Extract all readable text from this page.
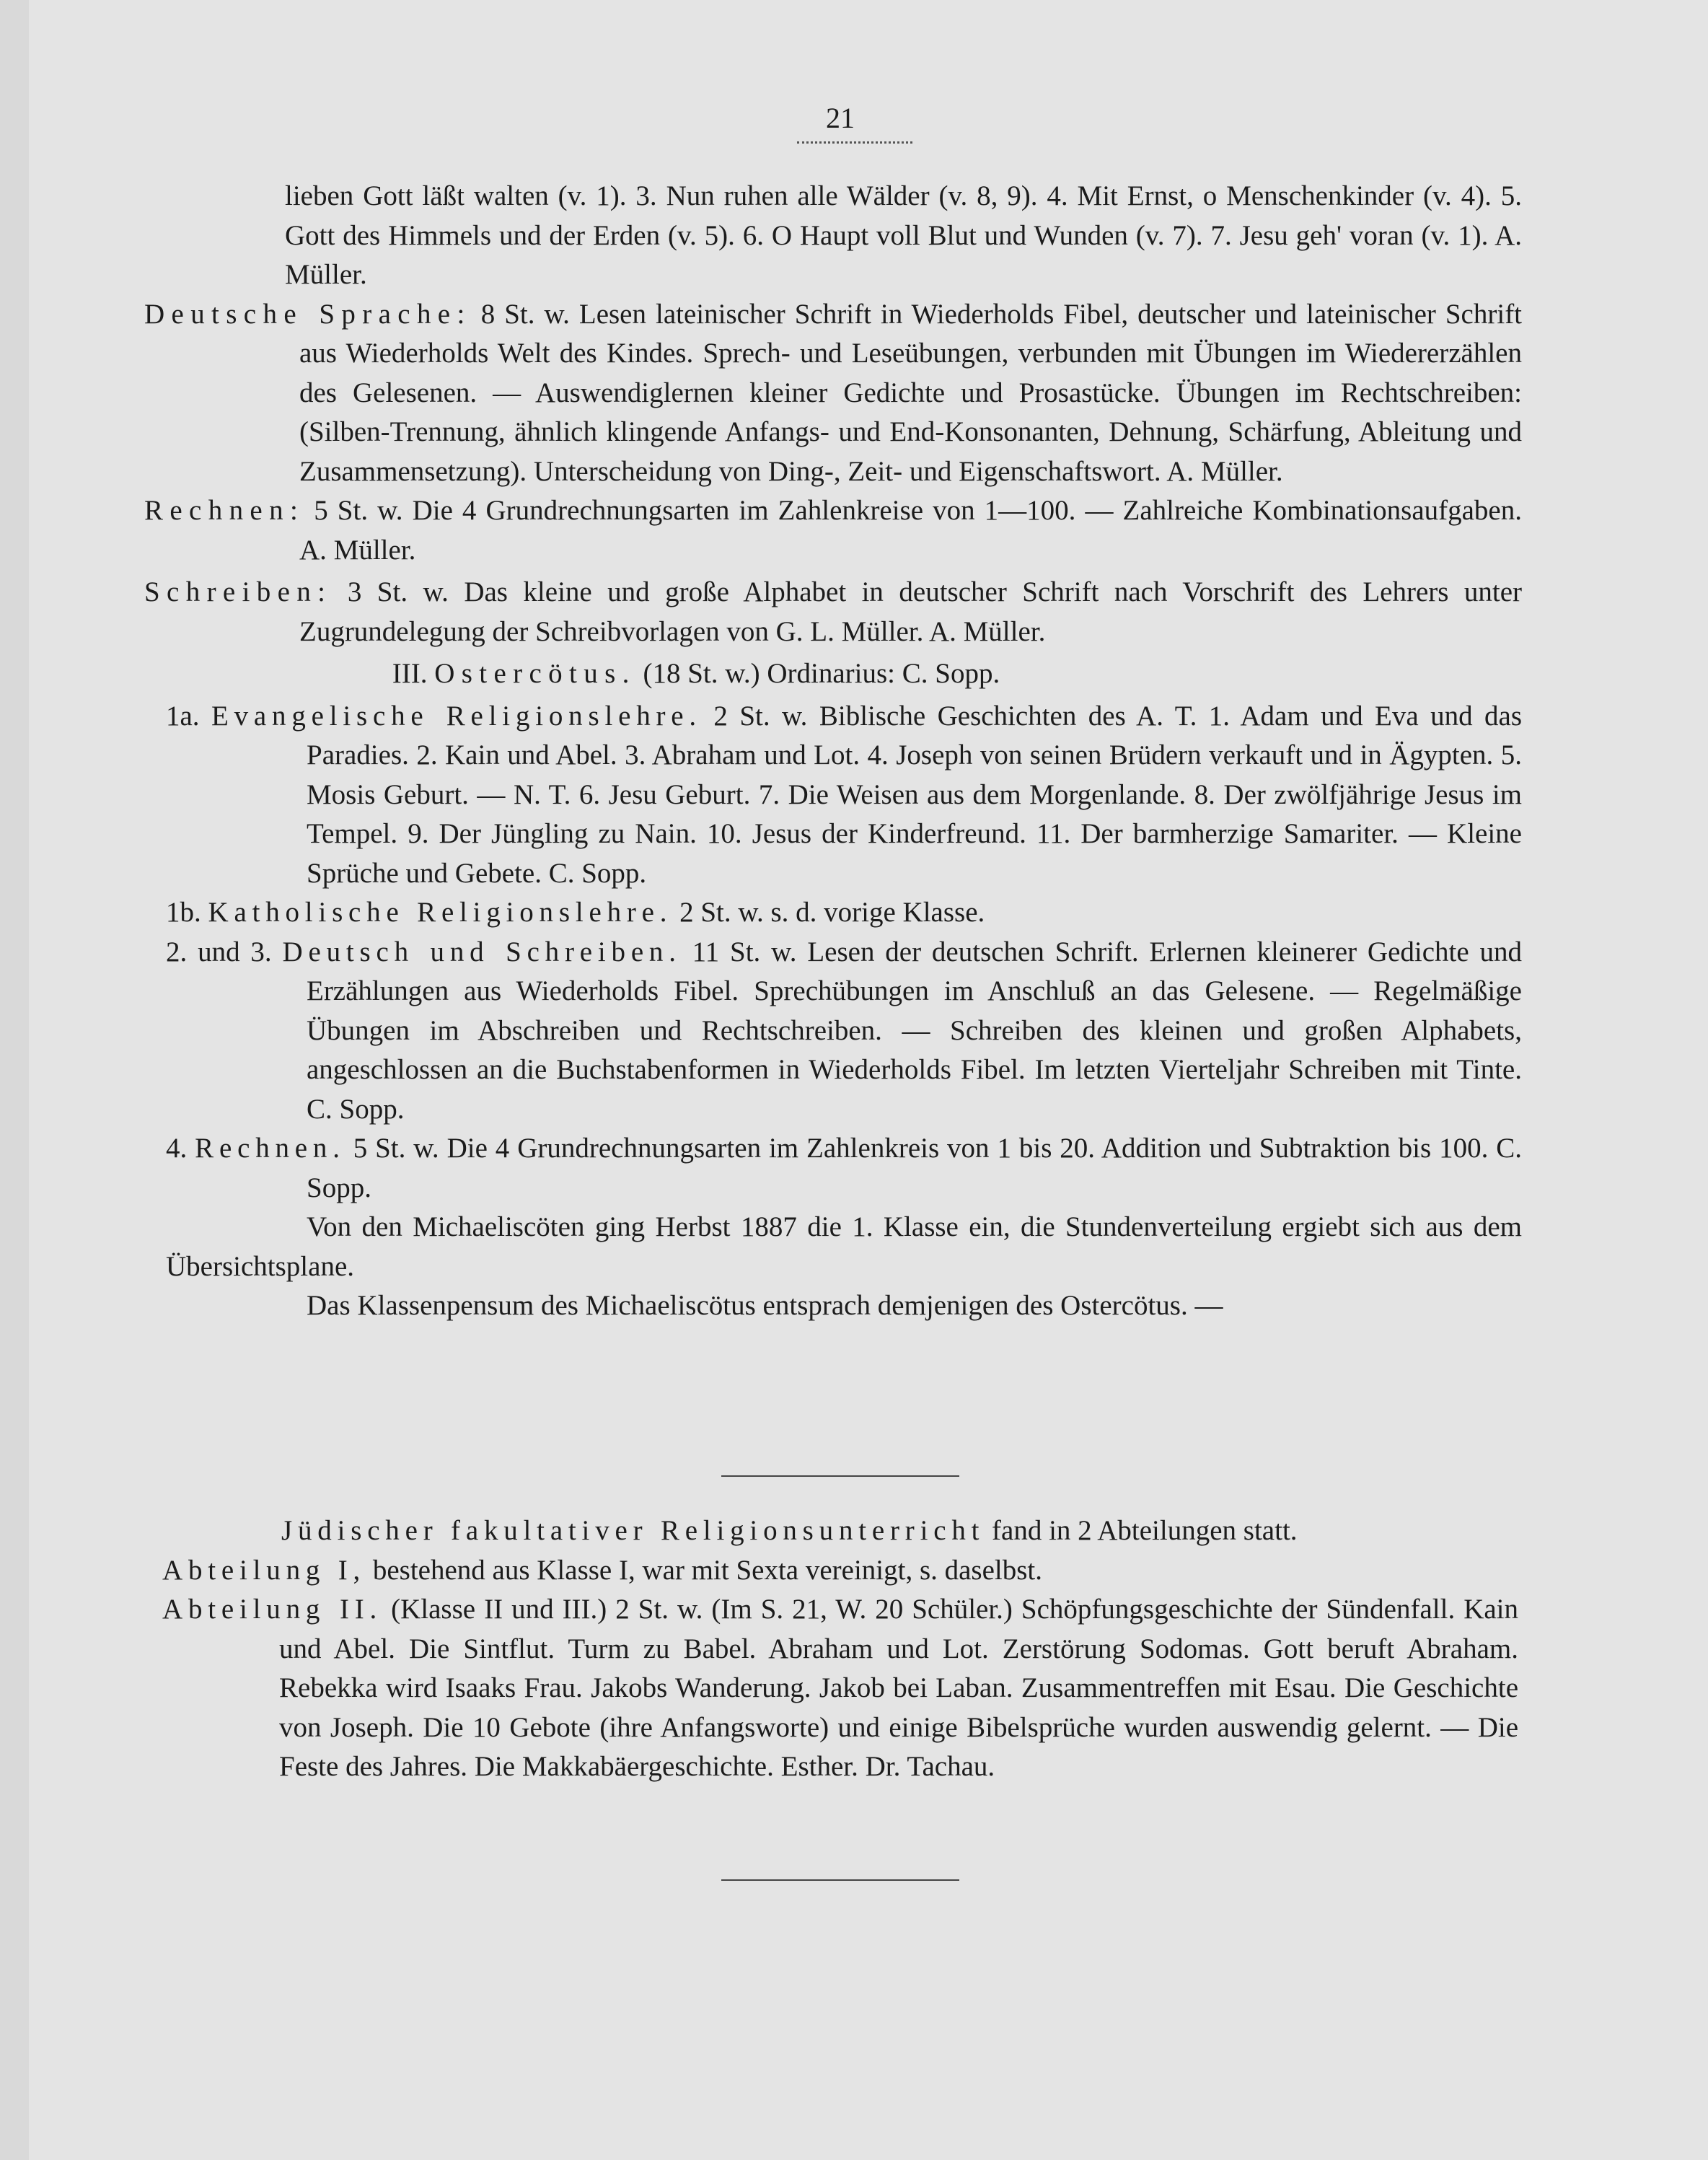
21

lieben Gott läßt walten (v. 1). 3. Nun ruhen alle Wälder (v. 8, 9). 4. Mit Ernst, o Menschenkinder (v. 4). 5. Gott des Himmels und der Erden (v. 5). 6. O Haupt voll Blut und Wunden (v. 7). 7. Jesu geh' voran (v. 1). A. Müller.

Deutsche Sprache: 8 St. w. Lesen lateinischer Schrift in Wiederholds Fibel, deutscher und lateinischer Schrift aus Wiederholds Welt des Kindes. Sprech- und Leseübungen, verbunden mit Übungen im Wiedererzählen des Gelesenen. — Auswendiglernen kleiner Gedichte und Prosastücke. Übungen im Rechtschreiben: (Silben-Trennung, ähnlich klingende Anfangs- und End-Konsonanten, Dehnung, Schärfung, Ableitung und Zusammensetzung). Unterscheidung von Ding-, Zeit- und Eigenschaftswort. A. Müller.

Rechnen: 5 St. w. Die 4 Grundrechnungsarten im Zahlenkreise von 1—100. — Zahlreiche Kombinationsaufgaben. A. Müller.

Schreiben: 3 St. w. Das kleine und große Alphabet in deutscher Schrift nach Vorschrift des Lehrers unter Zugrundelegung der Schreibvorlagen von G. L. Müller. A. Müller.

III. Ostercötus. (18 St. w.) Ordinarius: C. Sopp.

1a. Evangelische Religionslehre. 2 St. w. Biblische Geschichten des A. T. 1. Adam und Eva und das Paradies. 2. Kain und Abel. 3. Abraham und Lot. 4. Joseph von seinen Brüdern verkauft und in Ägypten. 5. Mosis Geburt. — N. T. 6. Jesu Geburt. 7. Die Weisen aus dem Morgenlande. 8. Der zwölfjährige Jesus im Tempel. 9. Der Jüngling zu Nain. 10. Jesus der Kinderfreund. 11. Der barmherzige Samariter. — Kleine Sprüche und Gebete. C. Sopp.

1b. Katholische Religionslehre. 2 St. w. s. d. vorige Klasse.

2. und 3. Deutsch und Schreiben. 11 St. w. Lesen der deutschen Schrift. Erlernen kleinerer Gedichte und Erzählungen aus Wiederholds Fibel. Sprechübungen im Anschluß an das Gelesene. — Regelmäßige Übungen im Abschreiben und Rechtschreiben. — Schreiben des kleinen und großen Alphabets, angeschlossen an die Buchstabenformen in Wiederholds Fibel. Im letzten Vierteljahr Schreiben mit Tinte. C. Sopp.

4. Rechnen. 5 St. w. Die 4 Grundrechnungsarten im Zahlenkreis von 1 bis 20. Addition und Subtraktion bis 100. C. Sopp.

Von den Michaeliscöten ging Herbst 1887 die 1. Klasse ein, die Stundenverteilung ergiebt sich aus dem Übersichtsplane.

Das Klassenpensum des Michaeliscötus entsprach demjenigen des Ostercötus. —

Jüdischer fakultativer Religionsunterricht fand in 2 Abteilungen statt.

Abteilung I, bestehend aus Klasse I, war mit Sexta vereinigt, s. daselbst.

Abteilung II. (Klasse II und III.) 2 St. w. (Im S. 21, W. 20 Schüler.) Schöpfungsgeschichte der Sündenfall. Kain und Abel. Die Sintflut. Turm zu Babel. Abraham und Lot. Zerstörung Sodomas. Gott beruft Abraham. Rebekka wird Isaaks Frau. Jakobs Wanderung. Jakob bei Laban. Zusammentreffen mit Esau. Die Geschichte von Joseph. Die 10 Gebote (ihre Anfangsworte) und einige Bibelsprüche wurden auswendig gelernt. — Die Feste des Jahres. Die Makkabäergeschichte. Esther. Dr. Tachau.
